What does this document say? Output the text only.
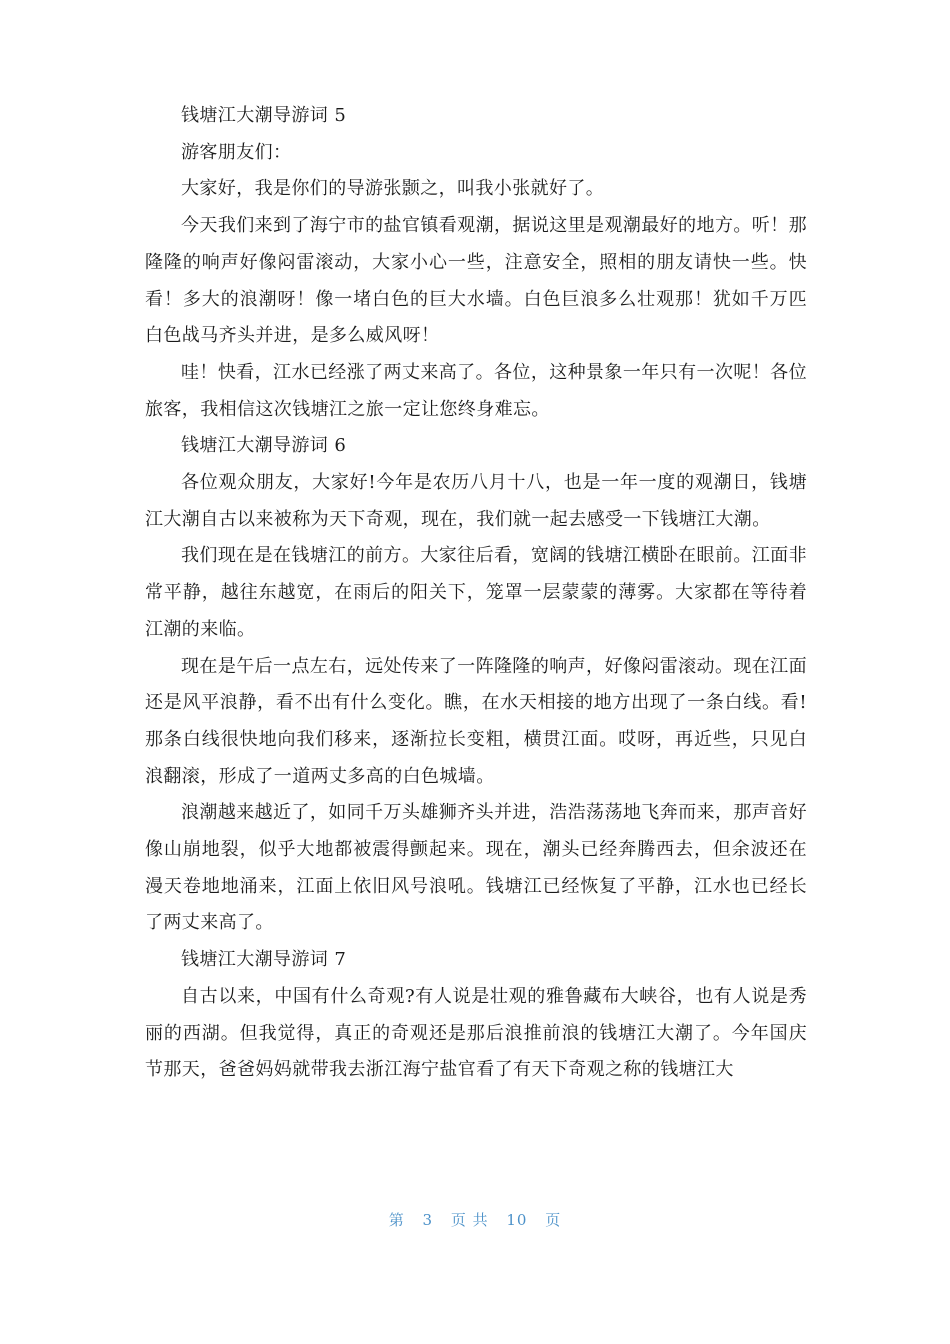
钱塘江大潮导游词 5

游客朋友们：

大家好，我是你们的导游张颢之，叫我小张就好了。

今天我们来到了海宁市的盐官镇看观潮，据说这里是观潮最好的地方。听！那隆隆的响声好像闷雷滚动，大家小心一些，注意安全，照相的朋友请快一些。快看！多大的浪潮呀！像一堵白色的巨大水墙。白色巨浪多么壮观那！犹如千万匹白色战马齐头并进，是多么威风呀！

哇！快看，江水已经涨了两丈来高了。各位，这种景象一年只有一次呢！各位旅客，我相信这次钱塘江之旅一定让您终身难忘。

钱塘江大潮导游词 6

各位观众朋友，大家好!今年是农历八月十八，也是一年一度的观潮日，钱塘江大潮自古以来被称为天下奇观，现在，我们就一起去感受一下钱塘江大潮。

我们现在是在钱塘江的前方。大家往后看，宽阔的钱塘江横卧在眼前。江面非常平静，越往东越宽，在雨后的阳关下，笼罩一层蒙蒙的薄雾。大家都在等待着江潮的来临。

现在是午后一点左右，远处传来了一阵隆隆的响声，好像闷雷滚动。现在江面还是风平浪静，看不出有什么变化。瞧，在水天相接的地方出现了一条白线。看!那条白线很快地向我们移来，逐渐拉长变粗，横贯江面。哎呀，再近些，只见白浪翻滚，形成了一道两丈多高的白色城墙。

浪潮越来越近了，如同千万头雄狮齐头并进，浩浩荡荡地飞奔而来，那声音好像山崩地裂，似乎大地都被震得颤起来。现在，潮头已经奔腾西去，但余波还在漫天卷地地涌来，江面上依旧风号浪吼。钱塘江已经恢复了平静，江水也已经长了两丈来高了。

钱塘江大潮导游词 7

自古以来，中国有什么奇观?有人说是壮观的雅鲁藏布大峡谷，也有人说是秀丽的西湖。但我觉得，真正的奇观还是那后浪推前浪的钱塘江大潮了。今年国庆节那天，爸爸妈妈就带我去浙江海宁盐官看了有天下奇观之称的钱塘江大

第 3 页 共 10 页
